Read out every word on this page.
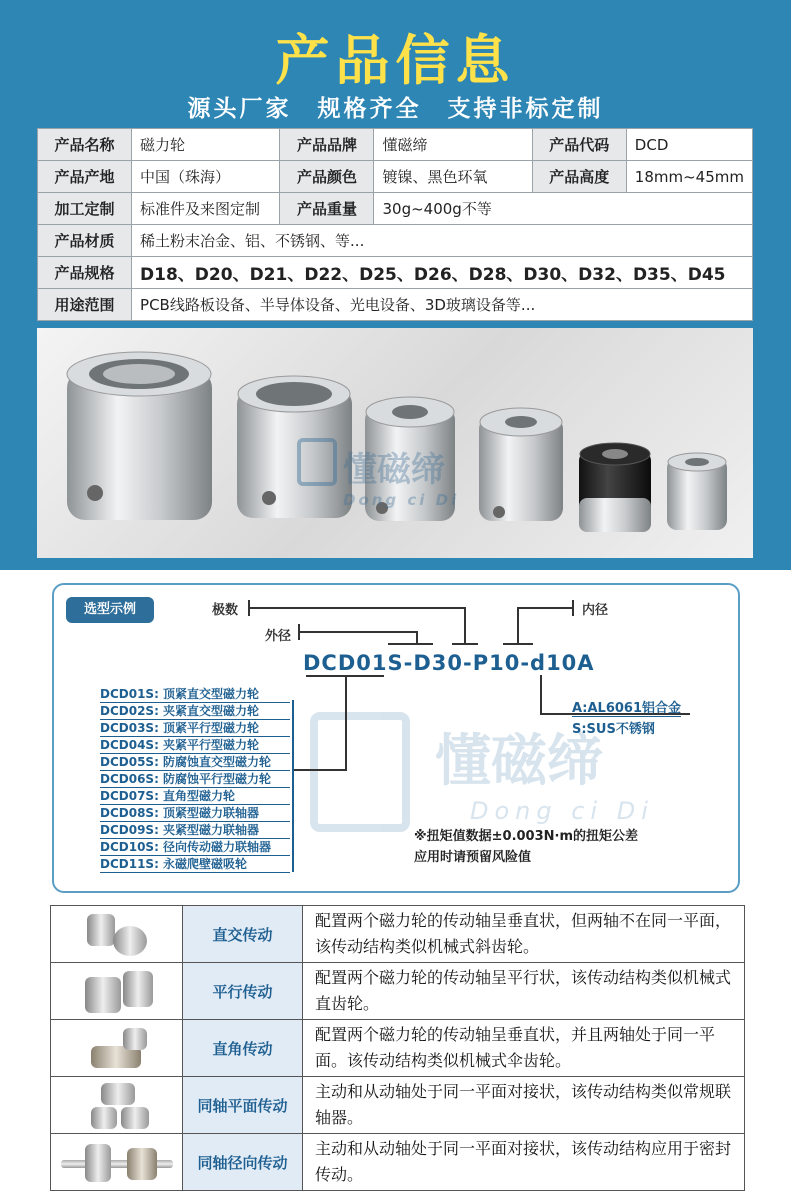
产品信息
源头厂家　规格齐全　支持非标定制
产品名称	磁力轮	产品品牌	懂磁缔	产品代码	DCD
产品产地	中国（珠海）	产品颜色	镀镍、黑色环氧	产品高度	18mm~45mm
加工定制	标准件及来图定制	产品重量	30g~400g不等		
产品材质	稀土粉末冶金、铝、不锈钢、等...				
产品规格	D18、D20、D21、D22、D25、D26、D28、D30、D32、D35、D45				
用途范围	PCB线路板设备、半导体设备、光电设备、3D玻璃设备等...				
懂磁缔
Dong ci Di
选型示例
懂磁缔
Dong ci Di
极数
外径
内径
DCD01S-D30-P10-d10A
DCD01S: 顶紧直交型磁力轮
DCD02S: 夹紧直交型磁力轮
DCD03S: 顶紧平行型磁力轮
DCD04S: 夹紧平行型磁力轮
DCD05S: 防腐蚀直交型磁力轮
DCD06S: 防腐蚀平行型磁力轮
DCD07S: 直角型磁力轮
DCD08S: 顶紧型磁力联轴器
DCD09S: 夹紧型磁力联轴器
DCD10S: 径向传动磁力联轴器
DCD11S: 永磁爬壁磁吸轮
A:AL6061铝合金
S:SUS不锈钢
※扭矩值数据±0.003N·m的扭矩公差
应用时请预留风险值
	直交传动	配置两个磁力轮的传动轴呈垂直状，但两轴不在同一平面，该传动结构类似机械式斜齿轮。

	平行传动	配置两个磁力轮的传动轴呈平行状，该传动结构类似机械式直齿轮。

	直角传动	配置两个磁力轮的传动轴呈垂直状，并且两轴处于同一平面。该传动结构类似机械式伞齿轮。

	同轴平面传动	主动和从动轴处于同一平面对接状，该传动结构类似常规联轴器。

	同轴径向传动	主动和从动轴处于同一平面对接状，该传动结构应用于密封传动。
